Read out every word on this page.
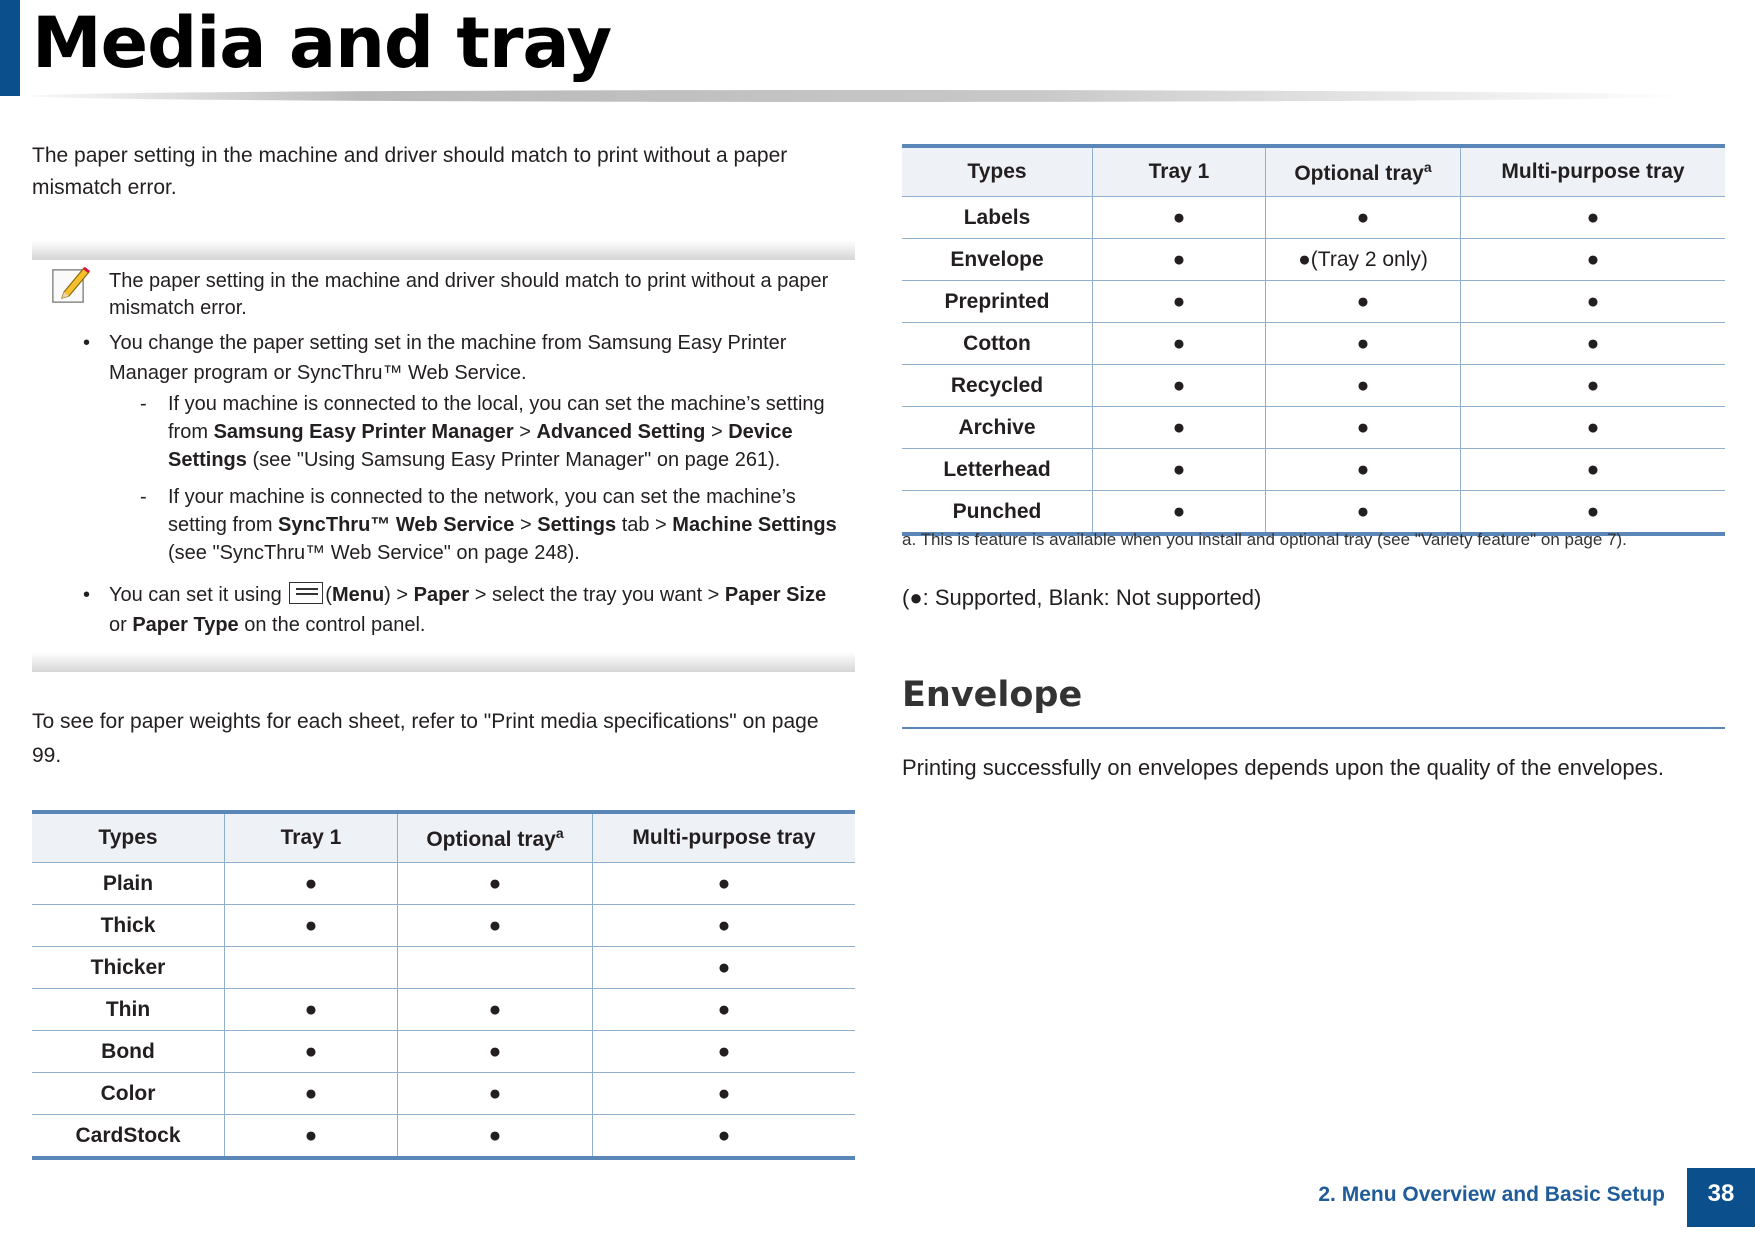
Media and tray
The paper setting in the machine and driver should match to print without a paper mismatch error.
The paper setting in the machine and driver should match to print without a paper mismatch error.
• You change the paper setting set in the machine from Samsung Easy Printer Manager program or SyncThru™ Web Service.
- If you machine is connected to the local, you can set the machine’s setting from Samsung Easy Printer Manager > Advanced Setting > Device Settings (see "Using Samsung Easy Printer Manager" on page 261).
- If your machine is connected to the network, you can set the machine’s setting from SyncThru™ Web Service > Settings tab > Machine Settings (see "SyncThru™ Web Service" on page 248).
• You can set it using (Menu) > Paper > select the tray you want > Paper Size or Paper Type on the control panel.
To see for paper weights for each sheet, refer to "Print media specifications" on page 99.
Types	Tray 1	Optional tray$^a$	Multi-purpose tray
Plain	●	●	●
Thick	●	●	●
Thicker			●
Thin	●	●	●
Bond	●	●	●
Color	●	●	●
CardStock	●	●	●
Types	Tray 1	Optional tray$^a$	Multi-purpose tray
Labels	●	●	●
Envelope	●	●(Tray 2 only)	●
Preprinted	●	●	●
Cotton	●	●	●
Recycled	●	●	●
Archive	●	●	●
Letterhead	●	●	●
Punched	●	●	●
a. This is feature is available when you install and optional tray (see "Variety feature" on page 7).
(●: Supported, Blank: Not supported)
Envelope
Printing successfully on envelopes depends upon the quality of the envelopes.
2. Menu Overview and Basic Setup	38
